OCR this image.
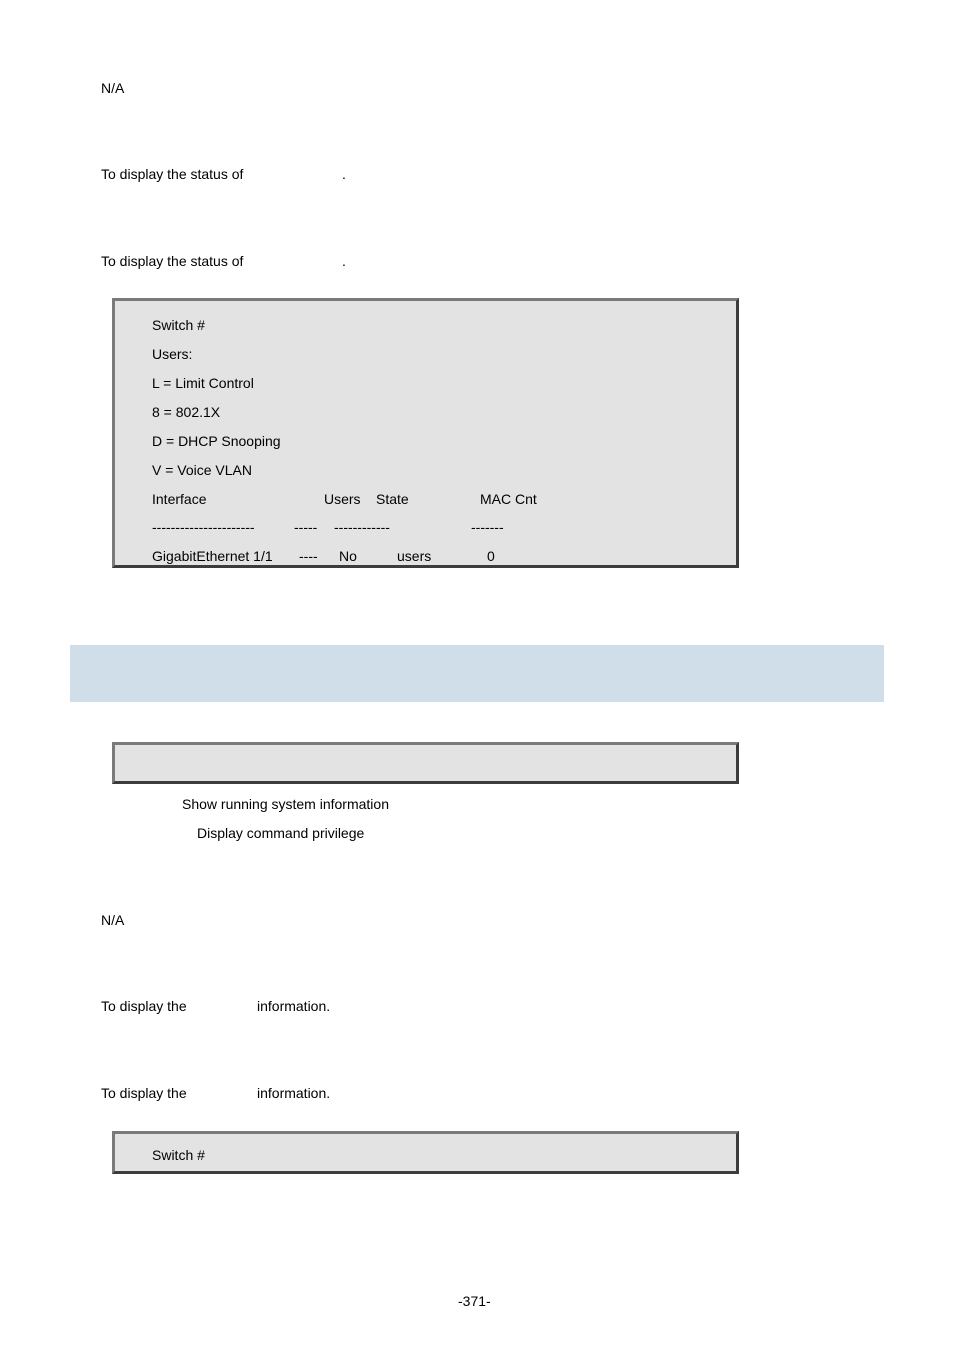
N/A
To display the status of	.
To display the status of	.
Switch #
Users:
L = Limit Control
8 = 802.1X
D = DHCP Snooping
V = Voice VLAN
Interface	Users State	MAC Cnt
----------------------	----- ------------	-------
GigabitEthernet 1/1 ---- No	users	0
Show running system information
Display command privilege
N/A
To display the	information.
To display the	information.
Switch #
-371-
